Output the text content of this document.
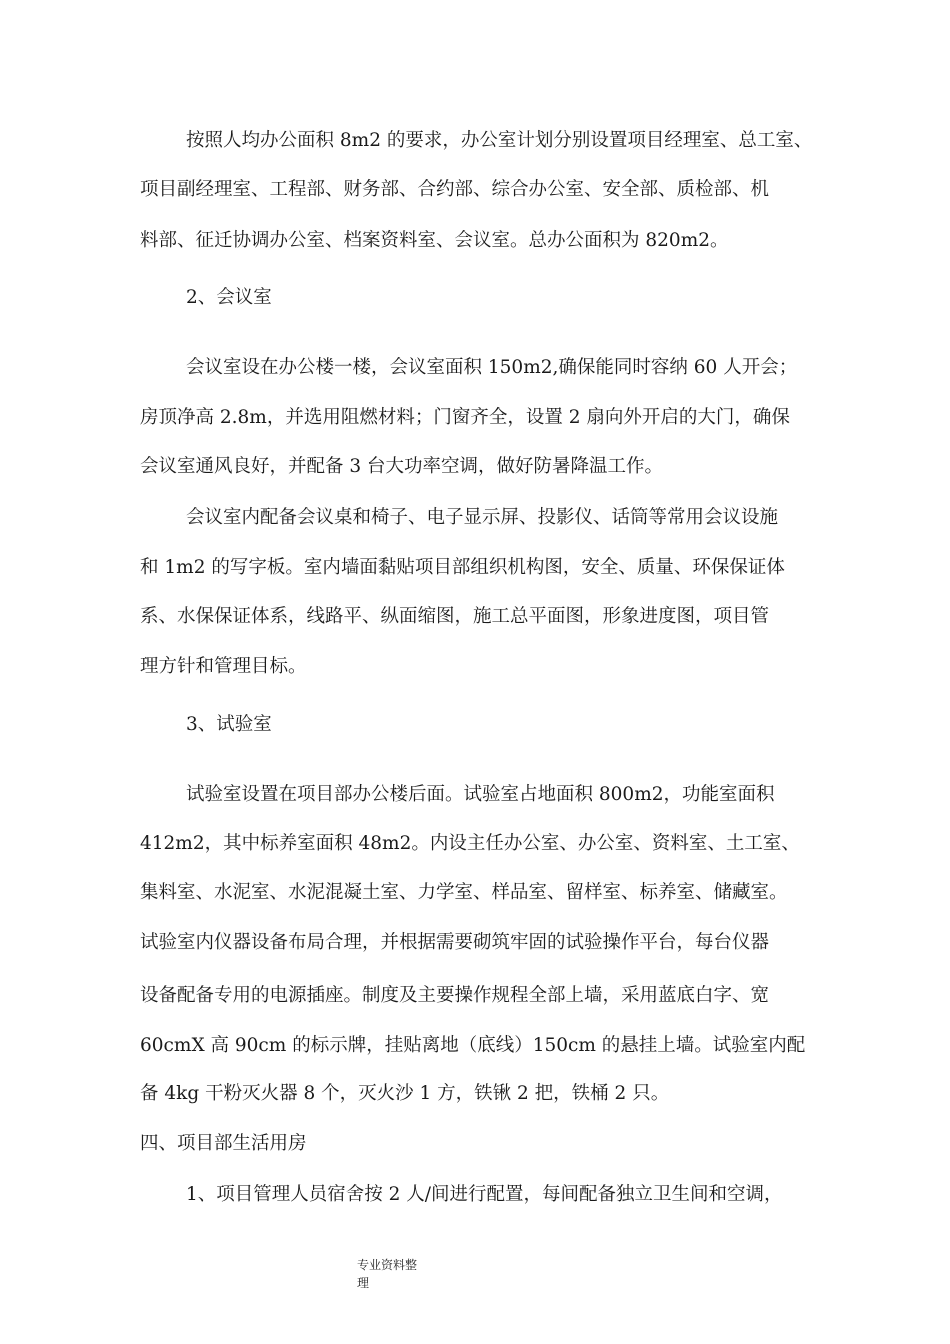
按照人均办公面积 8m2 的要求，办公室计划分别设置项目经理室、总工室、
项目副经理室、工程部、财务部、合约部、综合办公室、安全部、质检部、机
料部、征迁协调办公室、档案资料室、会议室。总办公面积为 820m2。
2、会议室
会议室设在办公楼一楼，会议室面积 150m2,确保能同时容纳 60 人开会；
房顶净高 2.8m，并选用阻燃材料；门窗齐全，设置 2 扇向外开启的大门，确保
会议室通风良好，并配备 3 台大功率空调，做好防暑降温工作。
会议室内配备会议桌和椅子、电子显示屏、投影仪、话筒等常用会议设施
和 1m2 的写字板。室内墙面黏贴项目部组织机构图，安全、质量、环保保证体
系、水保保证体系，线路平、纵面缩图，施工总平面图，形象进度图，项目管
理方针和管理目标。
3、试验室
试验室设置在项目部办公楼后面。试验室占地面积 800m2，功能室面积
412m2，其中标养室面积 48m2。内设主任办公室、办公室、资料室、土工室、
集料室、水泥室、水泥混凝土室、力学室、样品室、留样室、标养室、储藏室。
试验室内仪器设备布局合理，并根据需要砌筑牢固的试验操作平台，每台仪器
设备配备专用的电源插座。制度及主要操作规程全部上墙，采用蓝底白字、宽
60cmX 高 90cm 的标示牌，挂贴离地（底线）150cm 的悬挂上墙。试验室内配
备 4kg 干粉灭火器 8 个，灭火沙 1 方，铁锹 2 把，铁桶 2 只。
四、项目部生活用房
1、项目管理人员宿舍按 2 人/间进行配置，每间配备独立卫生间和空调，
专业资料整
理
